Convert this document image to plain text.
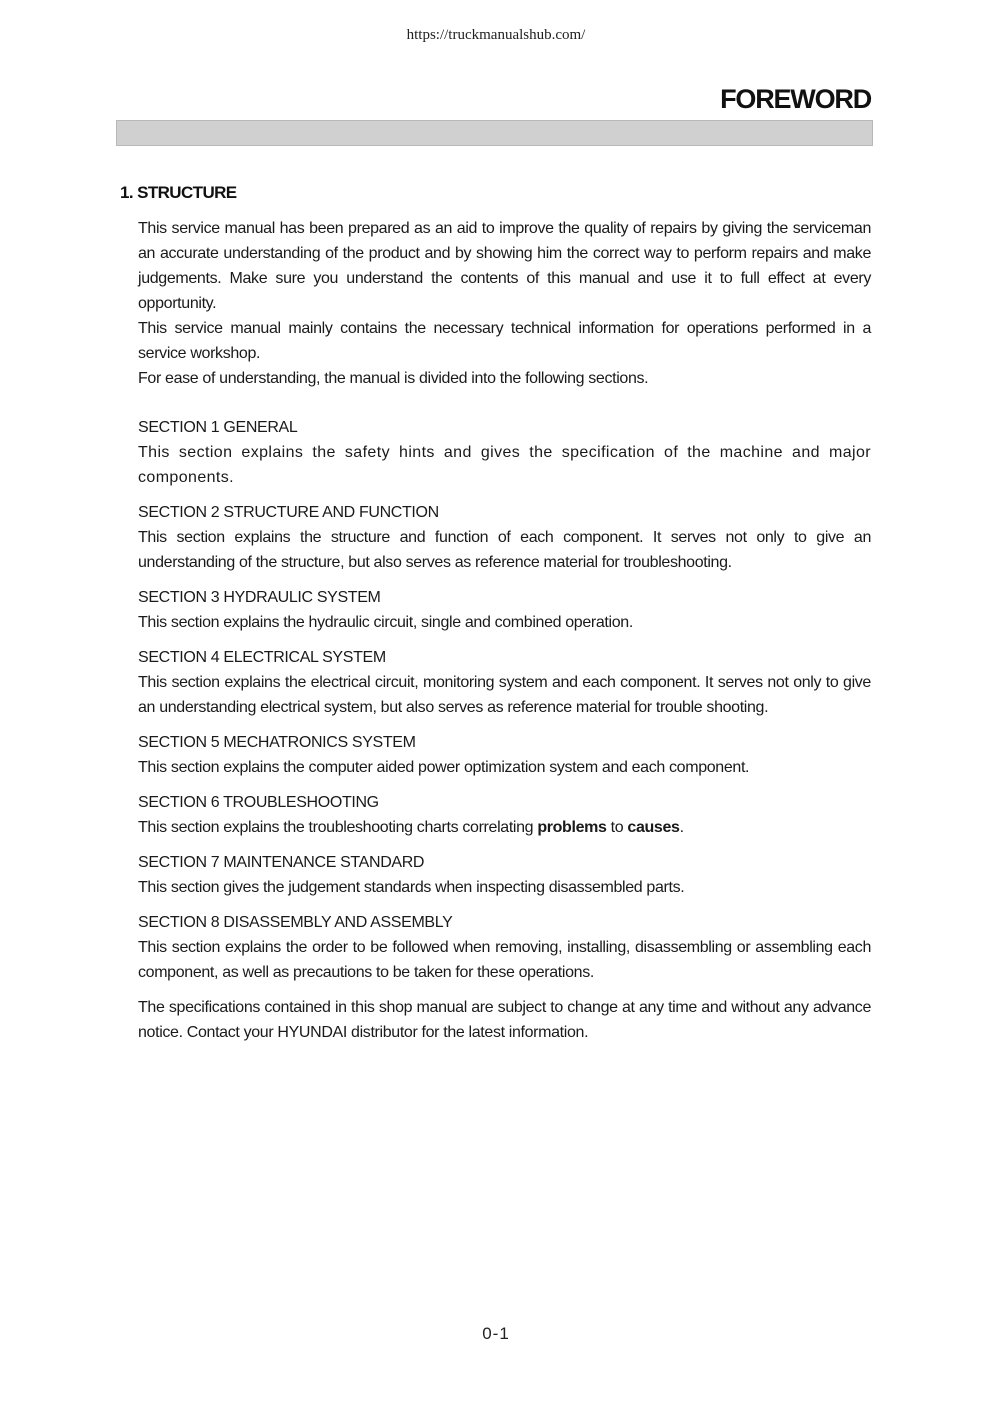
https://truckmanualshub.com/
FOREWORD
1. STRUCTURE

This service manual has been prepared as an aid to improve the quality of repairs by giving the serviceman an accurate understanding of the product and by showing him the correct way to perform repairs and make judgements. Make sure you understand the contents of this manual and use it to full effect at every opportunity.

This service manual mainly contains the necessary technical information for operations performed in a service workshop.

For ease of understanding, the manual is divided into the following sections.

SECTION 1 GENERAL

This section explains the safety hints and gives the specification of the machine and major components.

SECTION 2 STRUCTURE AND FUNCTION

This section explains the structure and function of each component. It serves not only to give an understanding of the structure, but also serves as reference material for troubleshooting.

SECTION 3 HYDRAULIC SYSTEM

This section explains the hydraulic circuit, single and combined operation.

SECTION 4 ELECTRICAL SYSTEM

This section explains the electrical circuit, monitoring system and each component. It serves not only to give an understanding electrical system, but also serves as reference material for trouble shooting.

SECTION 5 MECHATRONICS SYSTEM

This section explains the computer aided power optimization system and each component.

SECTION 6 TROUBLESHOOTING

This section explains the troubleshooting charts correlating problems to causes.

SECTION 7 MAINTENANCE STANDARD

This section gives the judgement standards when inspecting disassembled parts.

SECTION 8 DISASSEMBLY AND ASSEMBLY

This section explains the order to be followed when removing, installing, disassembling or assembling each component, as well as precautions to be taken for these operations.

The specifications contained in this shop manual are subject to change at any time and without any advance notice. Contact your HYUNDAI distributor for the latest information.

0-1
